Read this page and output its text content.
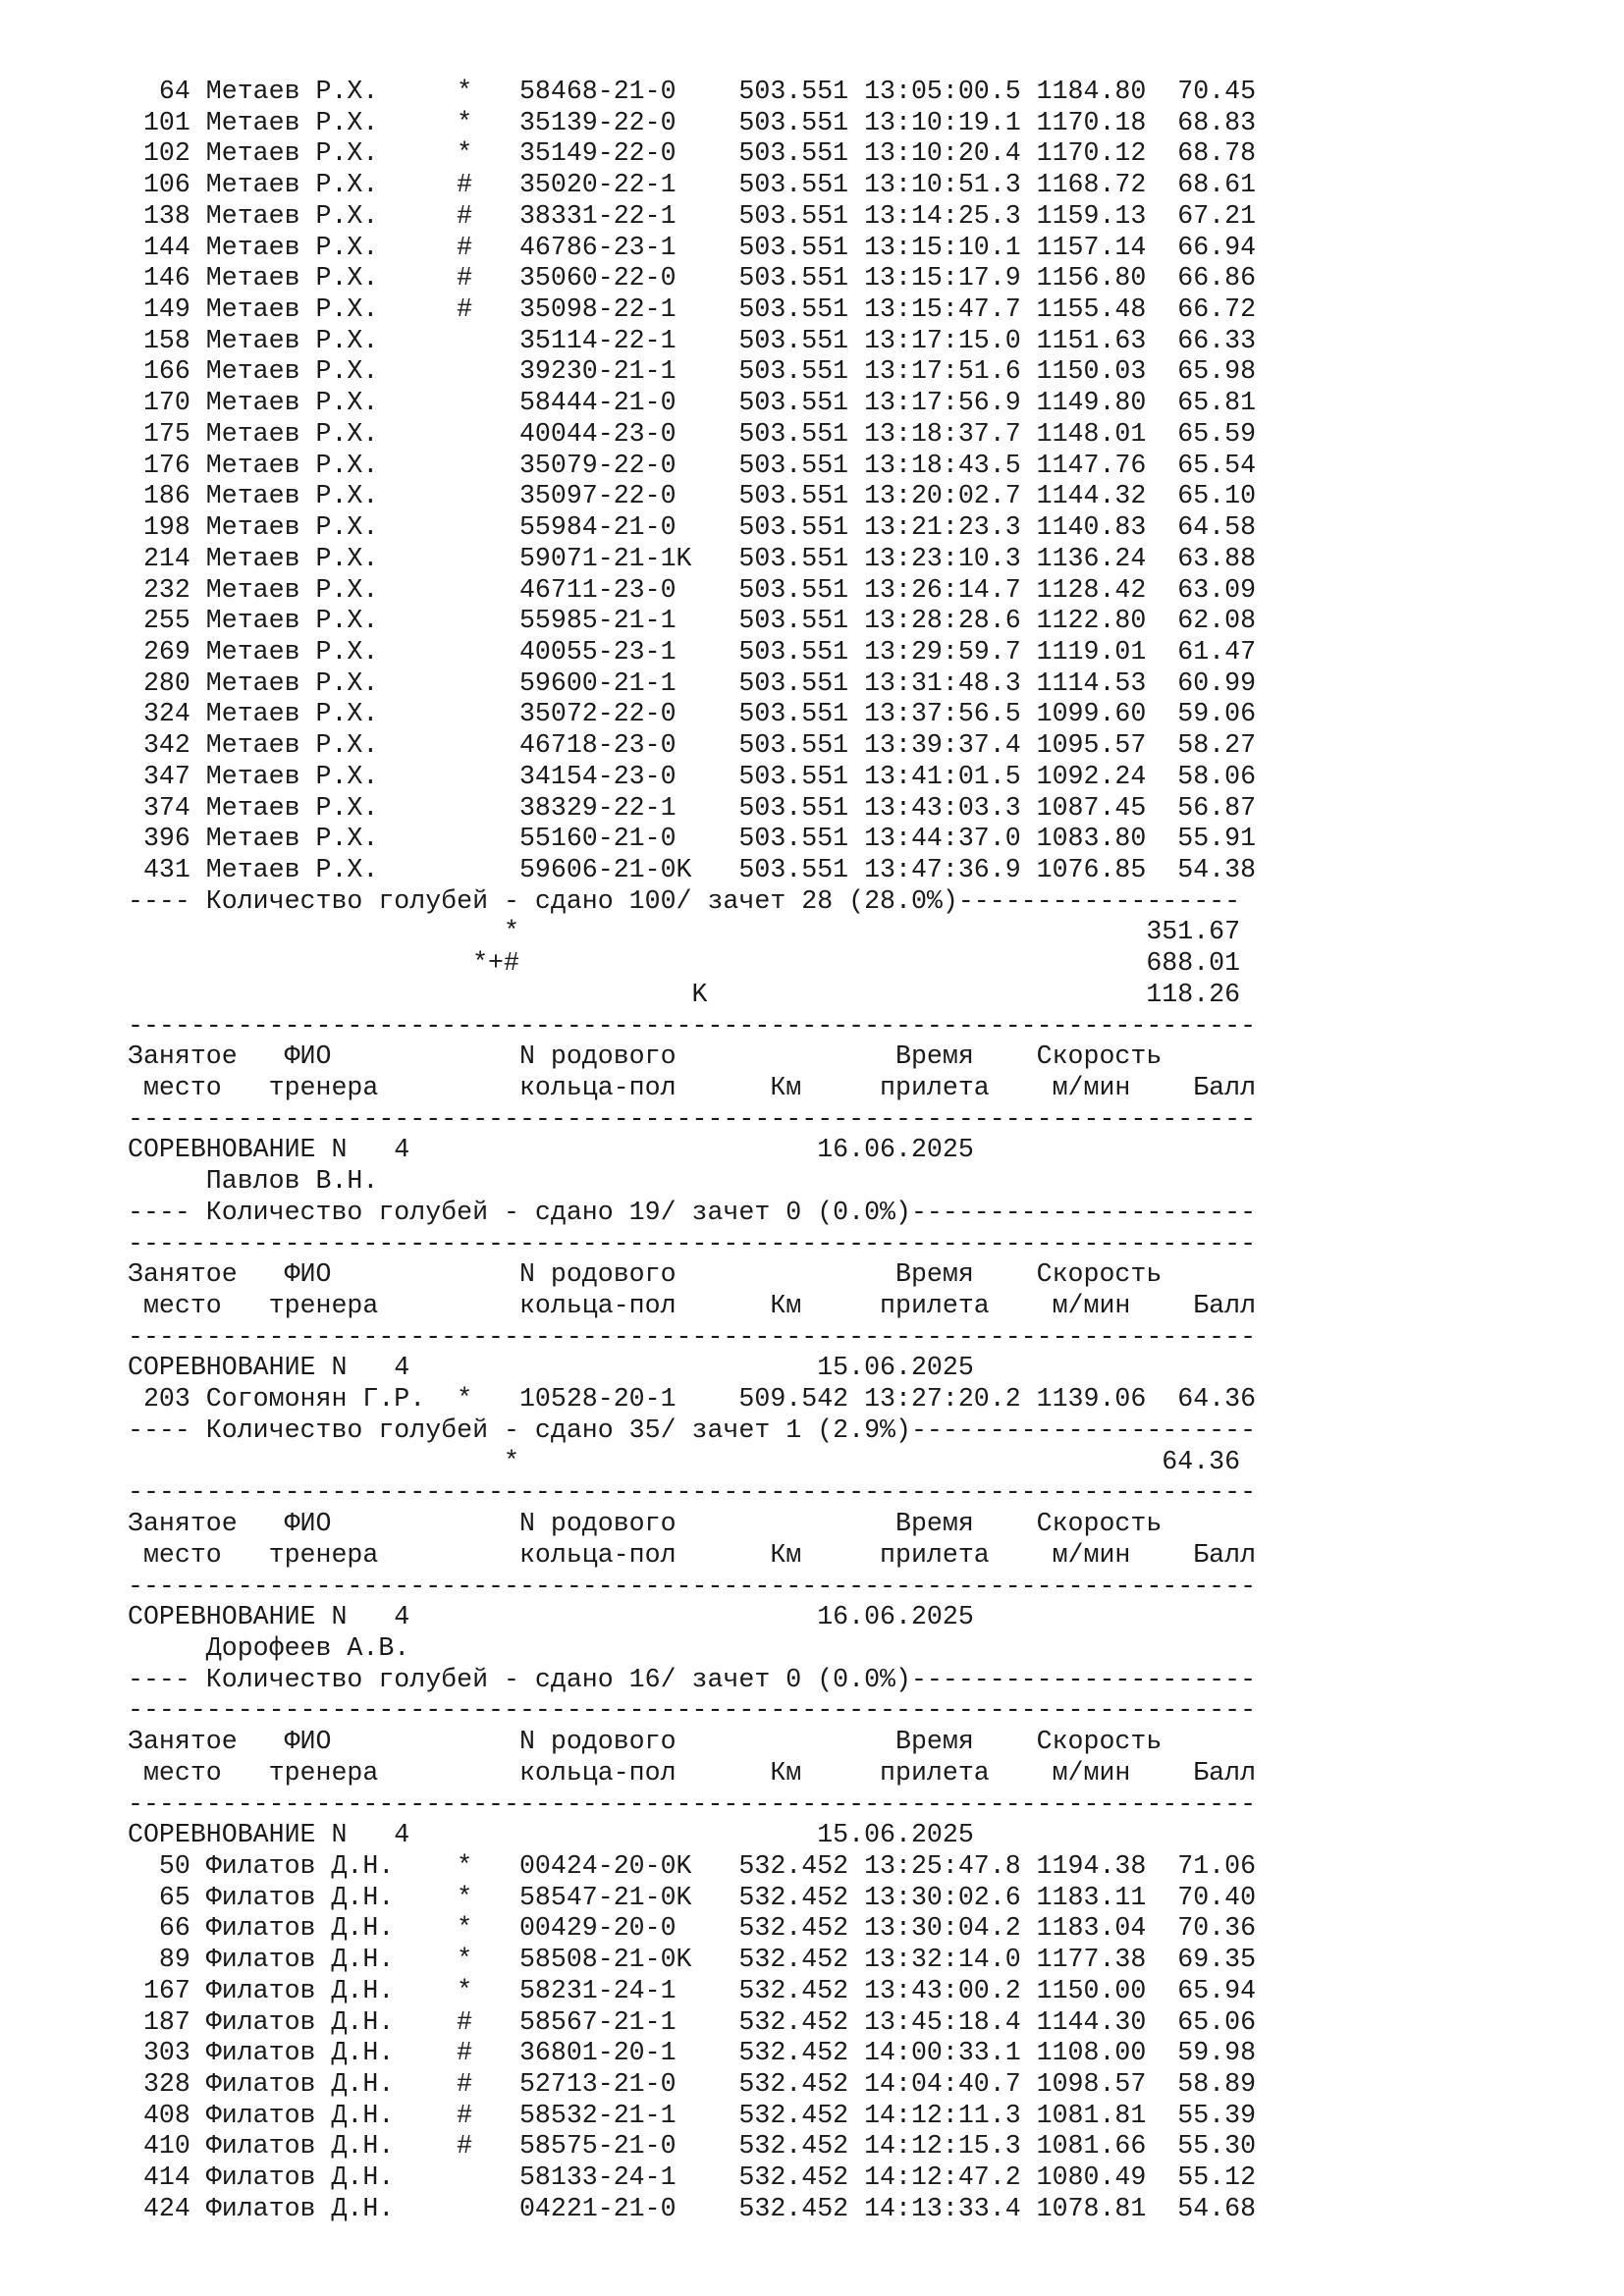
64 Метаев Р.Х.     *   58468-21-0    503.551 13:05:00.5 1184.80  70.45
101 Метаев Р.Х.     *   35139-22-0    503.551 13:10:19.1 1170.18  68.83
102 Метаев Р.Х.     *   35149-22-0    503.551 13:10:20.4 1170.12  68.78
106 Метаев Р.Х.     #   35020-22-1    503.551 13:10:51.3 1168.72  68.61
138 Метаев Р.Х.     #   38331-22-1    503.551 13:14:25.3 1159.13  67.21
144 Метаев Р.Х.     #   46786-23-1    503.551 13:15:10.1 1157.14  66.94
146 Метаев Р.Х.     #   35060-22-0    503.551 13:15:17.9 1156.80  66.86
149 Метаев Р.Х.     #   35098-22-1    503.551 13:15:47.7 1155.48  66.72
158 Метаев Р.Х.         35114-22-1    503.551 13:17:15.0 1151.63  66.33
166 Метаев Р.Х.         39230-21-1    503.551 13:17:51.6 1150.03  65.98
170 Метаев Р.Х.         58444-21-0    503.551 13:17:56.9 1149.80  65.81
175 Метаев Р.Х.         40044-23-0    503.551 13:18:37.7 1148.01  65.59
176 Метаев Р.Х.         35079-22-0    503.551 13:18:43.5 1147.76  65.54
186 Метаев Р.Х.         35097-22-0    503.551 13:20:02.7 1144.32  65.10
198 Метаев Р.Х.         55984-21-0    503.551 13:21:23.3 1140.83  64.58
214 Метаев Р.Х.         59071-21-1K   503.551 13:23:10.3 1136.24  63.88
232 Метаев Р.Х.         46711-23-0    503.551 13:26:14.7 1128.42  63.09
255 Метаев Р.Х.         55985-21-1    503.551 13:28:28.6 1122.80  62.08
269 Метаев Р.Х.         40055-23-1    503.551 13:29:59.7 1119.01  61.47
280 Метаев Р.Х.         59600-21-1    503.551 13:31:48.3 1114.53  60.99
324 Метаев Р.Х.         35072-22-0    503.551 13:37:56.5 1099.60  59.06
342 Метаев Р.Х.         46718-23-0    503.551 13:39:37.4 1095.57  58.27
347 Метаев Р.Х.         34154-23-0    503.551 13:41:01.5 1092.24  58.06
374 Метаев Р.Х.         38329-22-1    503.551 13:43:03.3 1087.45  56.87
396 Метаев Р.Х.         55160-21-0    503.551 13:44:37.0 1083.80  55.91
431 Метаев Р.Х.         59606-21-0K   503.551 13:47:36.9 1076.85  54.38
---- Количество голубей - сдано 100/ зачет 28 (28.0%)------------------
*                                        351.67
*+#                                        688.01
K                            118.26
------------------------------------------------------------------------
Занятое   ФИО            N родового              Время    Скорость
место   тренера         кольца-пол      Км     прилета    м/мин    Балл
------------------------------------------------------------------------
СОРЕВНОВАНИЕ N   4                          16.06.2025
Павлов В.Н.
---- Количество голубей - сдано 19/ зачет 0 (0.0%)----------------------
------------------------------------------------------------------------
Занятое   ФИО            N родового              Время    Скорость
место   тренера         кольца-пол      Км     прилета    м/мин    Балл
------------------------------------------------------------------------
СОРЕВНОВАНИЕ N   4                          15.06.2025
203 Согомонян Г.Р.  *   10528-20-1    509.542 13:27:20.2 1139.06  64.36
---- Количество голубей - сдано 35/ зачет 1 (2.9%)----------------------
*                                         64.36
------------------------------------------------------------------------
Занятое   ФИО            N родового              Время    Скорость
место   тренера         кольца-пол      Км     прилета    м/мин    Балл
------------------------------------------------------------------------
СОРЕВНОВАНИЕ N   4                          16.06.2025
Дорофеев А.В.
---- Количество голубей - сдано 16/ зачет 0 (0.0%)----------------------
------------------------------------------------------------------------
Занятое   ФИО            N родового              Время    Скорость
место   тренера         кольца-пол      Км     прилета    м/мин    Балл
------------------------------------------------------------------------
СОРЕВНОВАНИЕ N   4                          15.06.2025
50 Филатов Д.Н.    *   00424-20-0K   532.452 13:25:47.8 1194.38  71.06
65 Филатов Д.Н.    *   58547-21-0K   532.452 13:30:02.6 1183.11  70.40
66 Филатов Д.Н.    *   00429-20-0    532.452 13:30:04.2 1183.04  70.36
89 Филатов Д.Н.    *   58508-21-0K   532.452 13:32:14.0 1177.38  69.35
167 Филатов Д.Н.    *   58231-24-1    532.452 13:43:00.2 1150.00  65.94
187 Филатов Д.Н.    #   58567-21-1    532.452 13:45:18.4 1144.30  65.06
303 Филатов Д.Н.    #   36801-20-1    532.452 14:00:33.1 1108.00  59.98
328 Филатов Д.Н.    #   52713-21-0    532.452 14:04:40.7 1098.57  58.89
408 Филатов Д.Н.    #   58532-21-1    532.452 14:12:11.3 1081.81  55.39
410 Филатов Д.Н.    #   58575-21-0    532.452 14:12:15.3 1081.66  55.30
414 Филатов Д.Н.        58133-24-1    532.452 14:12:47.2 1080.49  55.12
424 Филатов Д.Н.        04221-21-0    532.452 14:13:33.4 1078.81  54.68
